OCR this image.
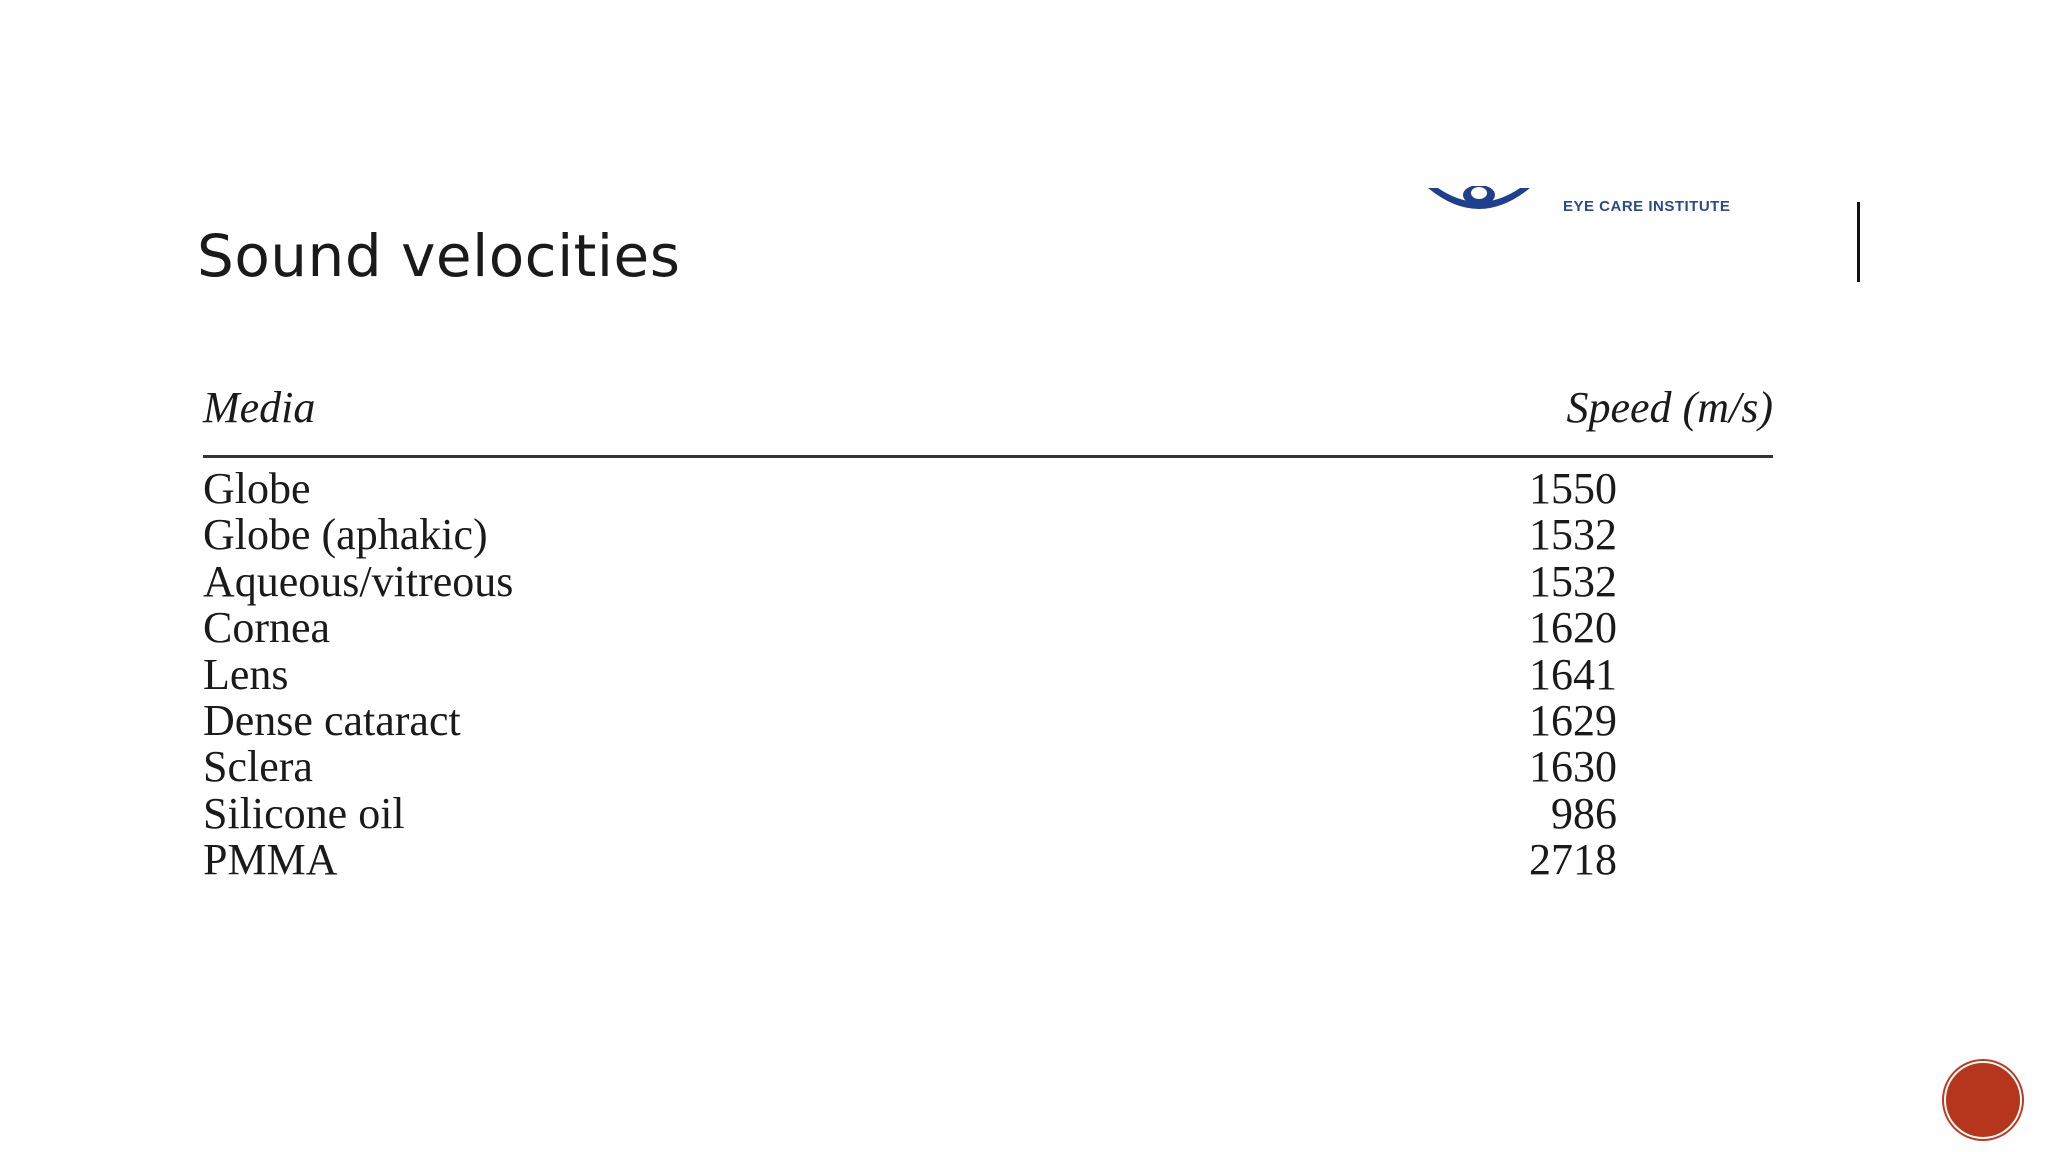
EYE CARE INSTITUTE
Sound velocities
Media	Speed (m/s)
Globe	1550
Globe (aphakic)	1532
Aqueous/vitreous	1532
Cornea	1620
Lens	1641
Dense cataract	1629
Sclera	1630
Silicone oil	986
PMMA	2718
